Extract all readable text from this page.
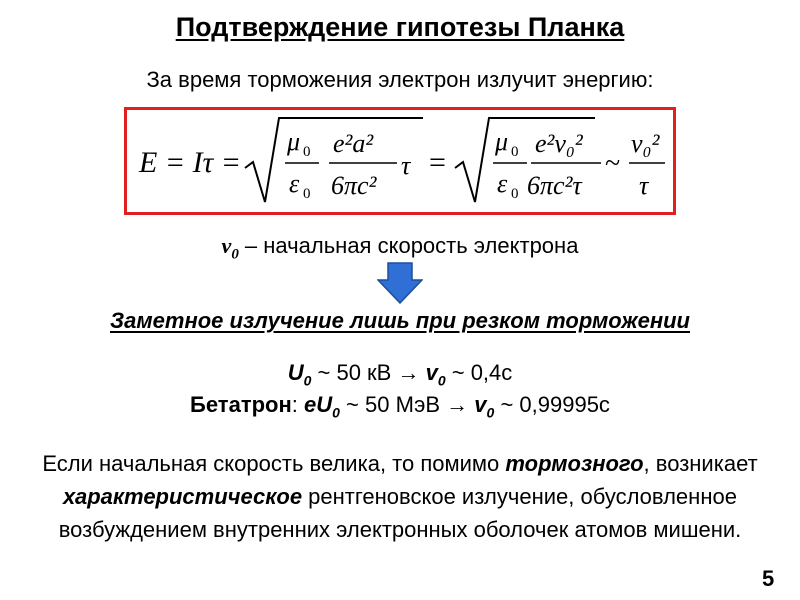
Подтверждение гипотезы Планка
За время торможения электрон излучит энергию:
E = Iτ =
μ 0
ε 0
e²a²
6πc²
τ =
μ 0
ε 0
e²v₀²
6πc²τ
~
v₀²
τ
$v_0$ – начальная скорость электрона
Заметное излучение лишь при резком торможении
$U_0$ ~ 50 кВ → $v_0$ ~ 0,4c
Бетатрон: $eU_0$ ~ 50 МэВ → $v_0$ ~ 0,99995c
Если начальная скорость велика, то помимо тормозного, возникает характеристическое рентгеновское излучение, обусловленное возбуждением внутренних электронных оболочек атомов мишени.
5
